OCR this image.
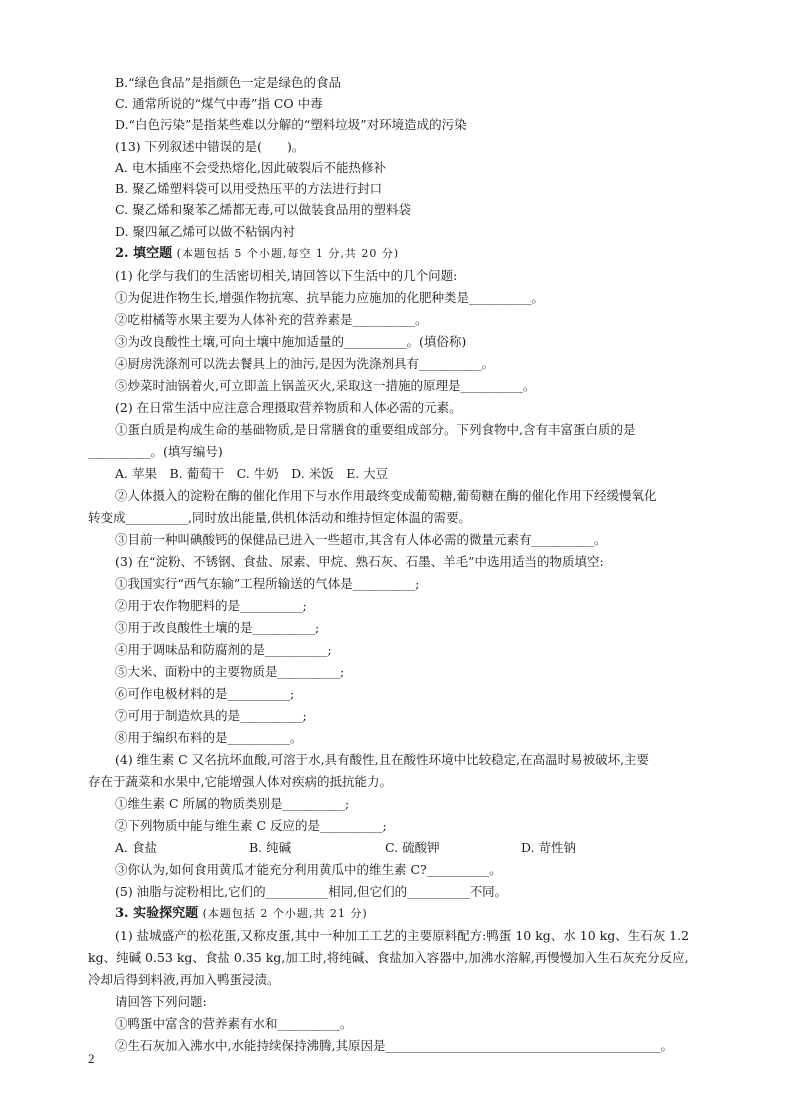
B.“绿色食品”是指颜色一定是绿色的食品
C. 通常所说的“煤气中毒”指 CO 中毒
D.“白色污染”是指某些难以分解的“塑料垃圾”对环境造成的污染
(13) 下列叙述中错误的是(　　)。
A. 电木插座不会受热熔化,因此破裂后不能热修补
B. 聚乙烯塑料袋可以用受热压平的方法进行封口
C. 聚乙烯和聚苯乙烯都无毒,可以做装食品用的塑料袋
D. 聚四氟乙烯可以做不粘锅内衬
2. 填空题 (本题包括 5 个小题,每空 1 分,共 20 分)
(1) 化学与我们的生活密切相关,请回答以下生活中的几个问题:
①为促进作物生长,增强作物抗寒、抗旱能力应施加的化肥种类是__________。
②吃柑橘等水果主要为人体补充的营养素是__________。
③为改良酸性土壤,可向土壤中施加适量的__________。(填俗称)
④厨房洗涤剂可以洗去餐具上的油污,是因为洗涤剂具有__________。
⑤炒菜时油锅着火,可立即盖上锅盖灭火,采取这一措施的原理是__________。
(2) 在日常生活中应注意合理摄取营养物质和人体必需的元素。
①蛋白质是构成生命的基础物质,是日常膳食的重要组成部分。下列食物中,含有丰富蛋白质的是
__________。(填写编号)
A. 苹果　B. 葡萄干　C. 牛奶　D. 米饭　E. 大豆
②人体摄入的淀粉在酶的催化作用下与水作用最终变成葡萄糖,葡萄糖在酶的催化作用下经缓慢氧化
转变成__________,同时放出能量,供机体活动和维持恒定体温的需要。
③目前一种叫碘酸钙的保健品已进入一些超市,其含有人体必需的微量元素有__________。
(3) 在“淀粉、不锈钢、食盐、尿素、甲烷、熟石灰、石墨、羊毛”中选用适当的物质填空:
①我国实行“西气东输”工程所输送的气体是__________;
②用于农作物肥料的是__________;
③用于改良酸性土壤的是__________;
④用于调味品和防腐剂的是__________;
⑤大米、面粉中的主要物质是__________;
⑥可作电极材料的是__________;
⑦可用于制造炊具的是__________;
⑧用于编织布料的是__________。
(4) 维生素 C 又名抗坏血酸,可溶于水,具有酸性,且在酸性环境中比较稳定,在高温时易被破坏,主要
存在于蔬菜和水果中,它能增强人体对疾病的抵抗能力。
①维生素 C 所属的物质类别是__________;
②下列物质中能与维生素 C 反应的是__________;
A. 食盐	B. 纯碱	C. 硫酸钾	D. 苛性钠
③你认为,如何食用黄瓜才能充分利用黄瓜中的维生素 C?__________。
(5) 油脂与淀粉相比,它们的__________相同,但它们的__________不同。
3. 实验探究题 (本题包括 2 个小题,共 21 分)
(1) 盐城盛产的松花蛋,又称皮蛋,其中一种加工工艺的主要原料配方:鸭蛋 10 kg、水 10 kg、生石灰 1.2
kg、纯碱 0.53 kg、食盐 0.35 kg,加工时,将纯碱、食盐加入容器中,加沸水溶解,再慢慢加入生石灰充分反应,
冷却后得到料液,再加入鸭蛋浸渍。
请回答下列问题:
①鸭蛋中富含的营养素有水和__________。
②生石灰加入沸水中,水能持续保持沸腾,其原因是____________________________________________。
2
